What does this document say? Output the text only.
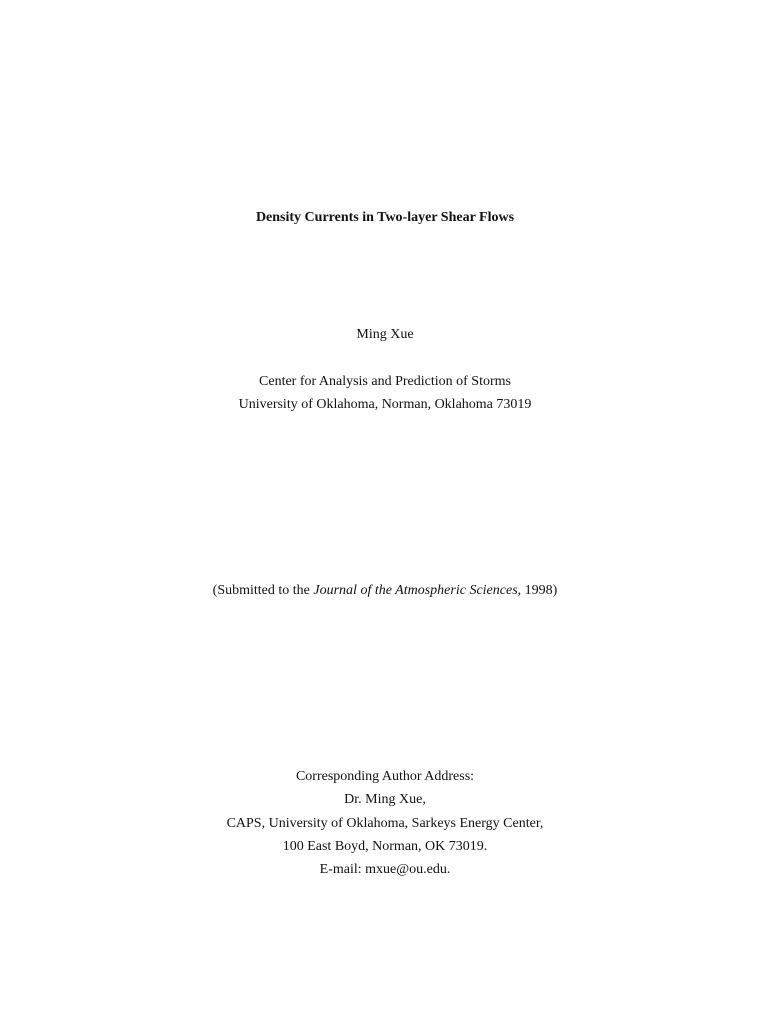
Density Currents in Two-layer Shear Flows
Ming Xue
Center for Analysis and Prediction of Storms
University of Oklahoma, Norman, Oklahoma 73019
(Submitted to the Journal of the Atmospheric Sciences, 1998)
Corresponding Author Address:
Dr. Ming Xue,
CAPS, University of Oklahoma, Sarkeys Energy Center,
100 East Boyd, Norman, OK 73019.
E-mail: mxue@ou.edu.
